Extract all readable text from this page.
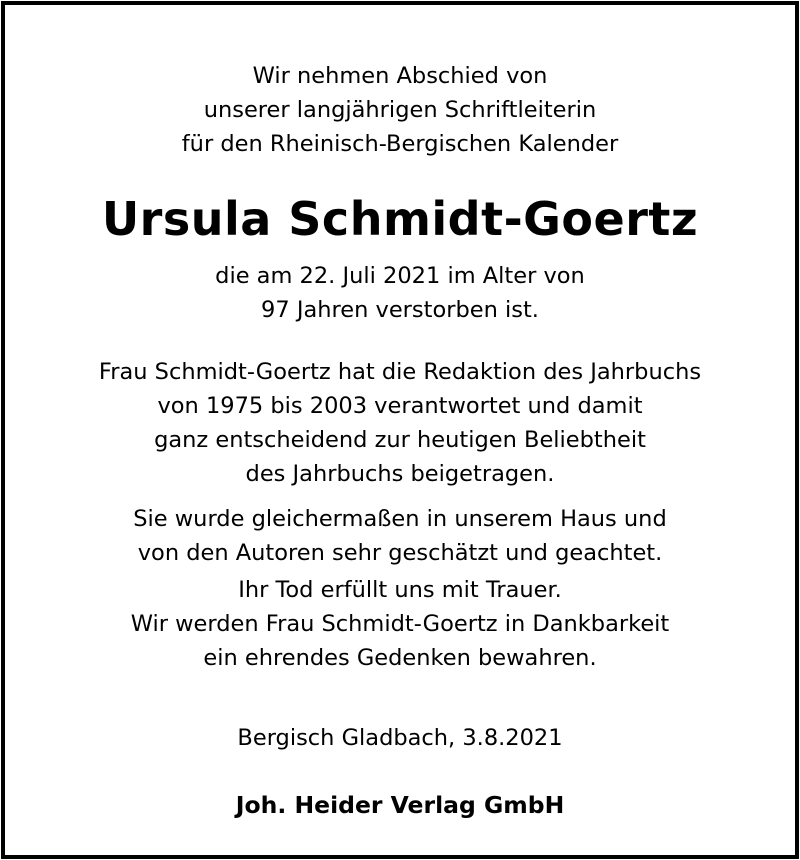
Wir nehmen Abschied von
unserer langjährigen Schriftleiterin
für den Rheinisch-Bergischen Kalender
Ursula Schmidt-Goertz
die am 22. Juli 2021 im Alter von
97 Jahren verstorben ist.
Frau Schmidt-Goertz hat die Redaktion des Jahrbuchs
von 1975 bis 2003 verantwortet und damit
ganz entscheidend zur heutigen Beliebtheit
des Jahrbuchs beigetragen.
Sie wurde gleichermaßen in unserem Haus und
von den Autoren sehr geschätzt und geachtet.
Ihr Tod erfüllt uns mit Trauer.
Wir werden Frau Schmidt-Goertz in Dankbarkeit
ein ehrendes Gedenken bewahren.
Bergisch Gladbach, 3.8.2021
Joh. Heider Verlag GmbH
